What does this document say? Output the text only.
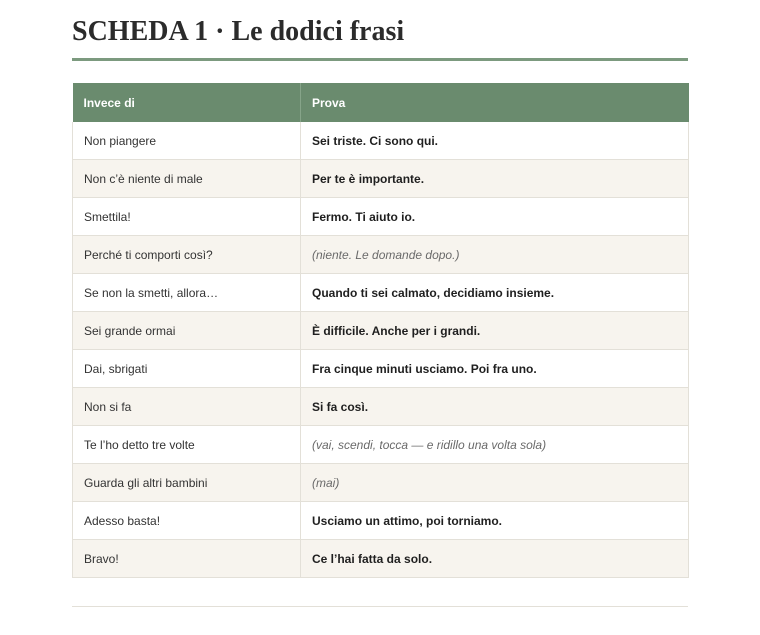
SCHEDA 1 · Le dodici frasi
Invece di	Prova
Non piangere	Sei triste. Ci sono qui.
Non c’è niente di male	Per te è importante.
Smettila!	Fermo. Ti aiuto io.
Perché ti comporti così?	(niente. Le domande dopo.)
Se non la smetti, allora…	Quando ti sei calmato, decidiamo insieme.
Sei grande ormai	È difficile. Anche per i grandi.
Dai, sbrigati	Fra cinque minuti usciamo. Poi fra uno.
Non si fa	Si fa così.
Te l’ho detto tre volte	(vai, scendi, tocca — e ridillo una volta sola)
Guarda gli altri bambini	(mai)
Adesso basta!	Usciamo un attimo, poi torniamo.
Bravo!	Ce l’hai fatta da solo.
